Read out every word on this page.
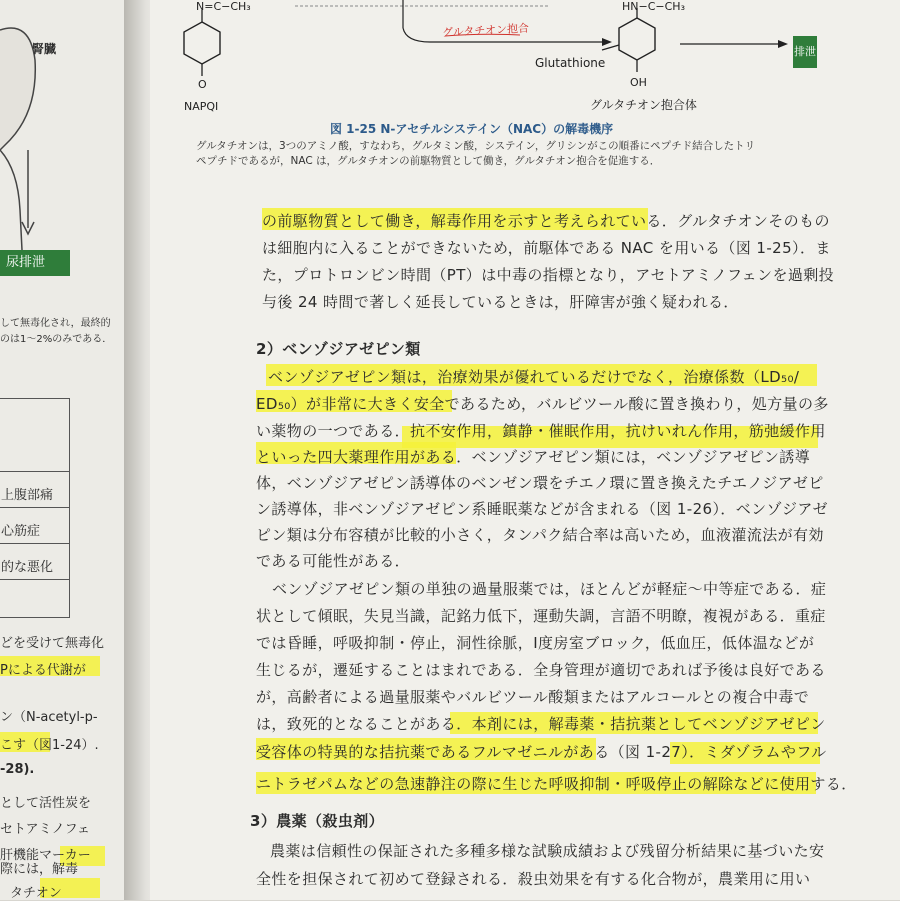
腎臓
尿排泄
して無毒化され，最終的
のは1～2%のみである．
上腹部痛
心筋症
的な悪化
どを受けて無毒化
Pによる代謝が
ン（N-acetyl-p-
こす（図1-24）.
-28).
として活性炭を
セトアミノフェ
肝機能マーカー
際には，解毒
タチオン
N=C−CH₃
O
NAPQI
グルタチオン抱合
HN−C−CH₃
Glutathione
OH
グルタチオン抱合体
排泄
図 1-25 N-アセチルシステイン（NAC）の解毒機序
グルタチオンは，3つのアミノ酸，すなわち，グルタミン酸，システイン，グリシンがこの順番にペプチド結合したトリ
ペプチドであるが，NAC は，グルタチオンの前駆物質として働き，グルタチオン抱合を促進する．
の前駆物質として働き，解毒作用を示すと考えられている．グルタチオンそのもの
は細胞内に入ることができないため，前駆体である NAC を用いる（図 1-25）．ま
た，プロトロンビン時間（PT）は中毒の指標となり，アセトアミノフェンを過剰投
与後 24 時間で著しく延長しているときは，肝障害が強く疑われる．
2）ベンゾジアゼピン類
ベンゾジアゼピン類は，治療効果が優れているだけでなく，治療係数（LD₅₀/
ED₅₀）が非常に大きく安全であるため，バルビツール酸に置き換わり，処方量の多
い薬物の一つである．抗不安作用，鎮静・催眠作用，抗けいれん作用，筋弛緩作用
といった四大薬理作用がある．ベンゾジアゼピン類には，ベンゾジアゼピン誘導
体，ベンゾジアゼピン誘導体のベンゼン環をチエノ環に置き換えたチエノジアゼピ
ン誘導体，非ベンゾジアゼピン系睡眠薬などが含まれる（図 1-26）．ベンゾジアゼ
ピン類は分布容積が比較的小さく，タンパク結合率は高いため，血液灌流法が有効
である可能性がある．
ベンゾジアゼピン類の単独の過量服薬では，ほとんどが軽症～中等症である．症
状として傾眠，失見当識，記銘力低下，運動失調，言語不明瞭，複視がある．重症
では昏睡，呼吸抑制・停止，洞性徐脈，Ⅰ度房室ブロック，低血圧，低体温などが
生じるが，遷延することはまれである．全身管理が適切であれば予後は良好である
が，高齢者による過量服薬やバルビツール酸類またはアルコールとの複合中毒で
は，致死的となることがある．本剤には，解毒薬・拮抗薬としてベンゾジアゼピン
受容体の特異的な拮抗薬であるフルマゼニルがある（図 1-27）．ミダゾラムやフル
ニトラゼパムなどの急速静注の際に生じた呼吸抑制・呼吸停止の解除などに使用する．
3）農薬（殺虫剤）
農薬は信頼性の保証された多種多様な試験成績および残留分析結果に基づいた安
全性を担保されて初めて登録される．殺虫効果を有する化合物が，農業用に用い
